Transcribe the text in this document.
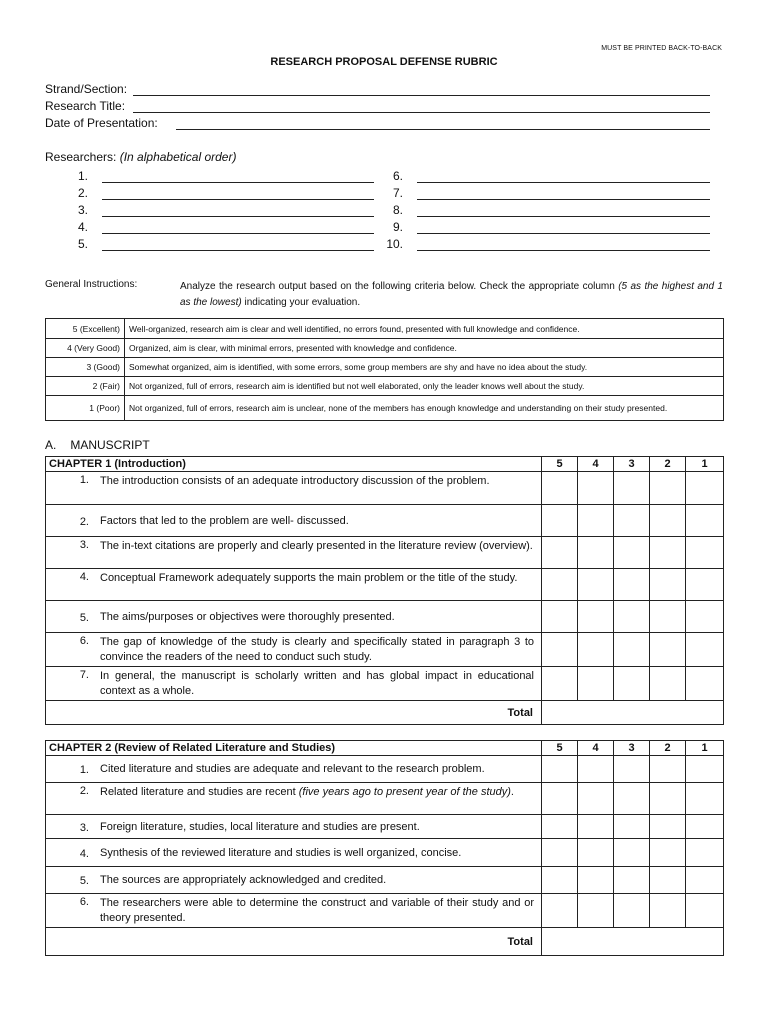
MUST BE PRINTED BACK-TO-BACK
RESEARCH PROPOSAL DEFENSE RUBRIC
Strand/Section:
Research Title:
Date of Presentation:
Researchers: (In alphabetical order)
1.
2.
3.
4.
5.
6.
7.
8.
9.
10.
General Instructions:	Analyze the research output based on the following criteria below. Check the appropriate column (5 as the highest and 1 as the lowest) indicating your evaluation.
5 (Excellent)	Well-organized, research aim is clear and well identified, no errors found, presented with full knowledge and confidence.
4 (Very Good)	Organized, aim is clear, with minimal errors, presented with knowledge and confidence.
3 (Good)	Somewhat organized, aim is identified, with some errors, some group members are shy and have no idea about the study.
2 (Fair)	Not organized, full of errors, research aim is identified but not well elaborated, only the leader knows well about the study.
1 (Poor)	Not organized, full of errors, research aim is unclear, none of the members has enough knowledge and understanding on their study presented.
A. MANUSCRIPT
CHAPTER 1 (Introduction)		5	4	3	2	1
1.	The introduction consists of an adequate introductory discussion of the problem.					
2.	Factors that led to the problem are well- discussed.					
3.	The in-text citations are properly and clearly presented in the literature review (overview).					
4.	Conceptual Framework adequately supports the main problem or the title of the study.					
5.	The aims/purposes or objectives were thoroughly presented.					
6.	The gap of knowledge of the study is clearly and specifically stated in paragraph 3 to convince the readers of the need to conduct such study.					
7.	In general, the manuscript is scholarly written and has global impact in educational context as a whole.					
Total						
CHAPTER 2 (Review of Related Literature and Studies)		5	4	3	2	1
1.	Cited literature and studies are adequate and relevant to the research problem.					
2.	Related literature and studies are recent (five years ago to present year of the study).					
3.	Foreign literature, studies, local literature and studies are present.					
4.	Synthesis of the reviewed literature and studies is well organized, concise.					
5.	The sources are appropriately acknowledged and credited.					
6.	The researchers were able to determine the construct and variable of their study and or theory presented.					
Total						
